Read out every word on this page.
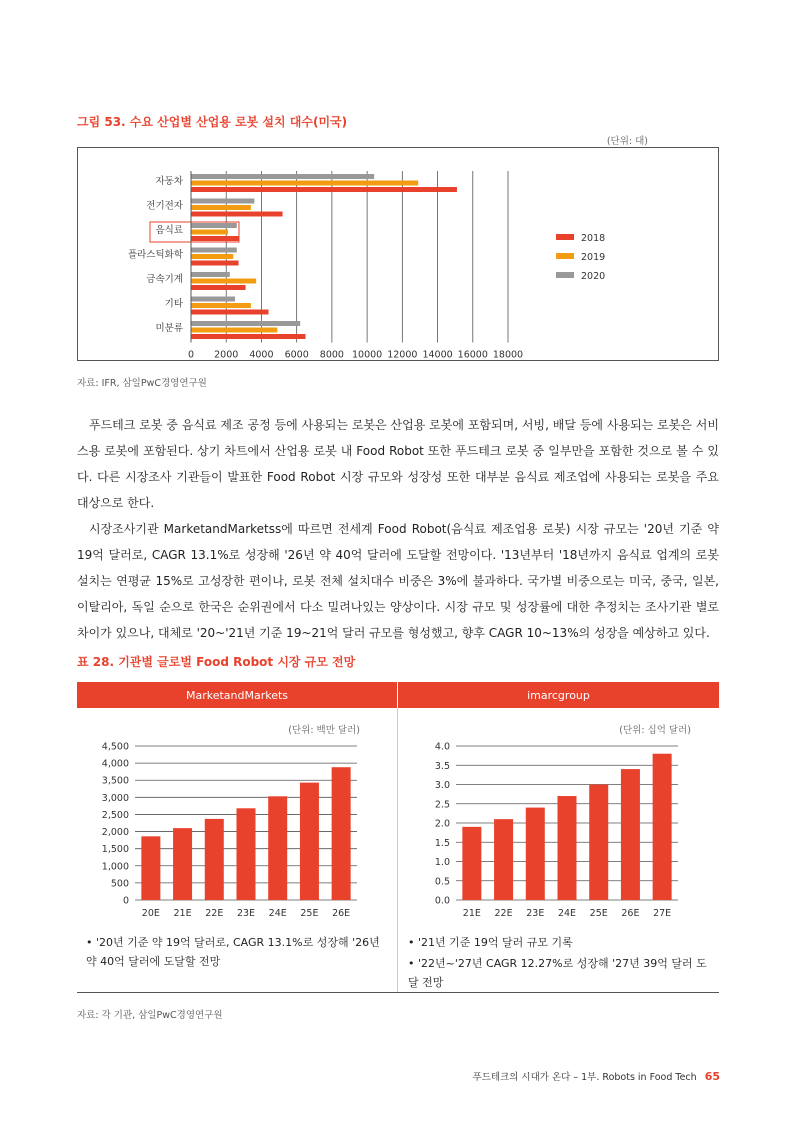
그림 53. 수요 산업별 산업용 로봇 설치 대수(미국)
(단위: 대)
0 2000 4000 6000 8000 10000 12000 14000 16000 18000
자동차
전기전자
음식료
플라스틱화학
금속기계
기타
미분류
2018
2019
2020
자료: IFR, 삼일PwC경영연구원
푸드테크 로봇 중 음식료 제조 공정 등에 사용되는 로봇은 산업용 로봇에 포함되며, 서빙, 배달 등에 사용되는 로봇은 서비스용 로봇에 포함된다. 상기 차트에서 산업용 로봇 내 Food Robot 또한 푸드테크 로봇 중 일부만을 포함한 것으로 볼 수 있다. 다른 시장조사 기관들이 발표한 Food Robot 시장 규모와 성장성 또한 대부분 음식료 제조업에 사용되는 로봇을 주요 대상으로 한다.
시장조사기관 MarketandMarketss에 따르면 전세계 Food Robot(음식료 제조업용 로봇) 시장 규모는 '20년 기준 약 19억 달러로, CAGR 13.1%로 성장해 '26년 약 40억 달러에 도달할 전망이다. '13년부터 '18년까지 음식료 업계의 로봇 설치는 연평균 15%로 고성장한 편이나, 로봇 전체 설치대수 비중은 3%에 불과하다. 국가별 비중으로는 미국, 중국, 일본, 이탈리아, 독일 순으로 한국은 순위권에서 다소 밀려나있는 양상이다. 시장 규모 및 성장률에 대한 추정치는 조사기관 별로 차이가 있으나, 대체로 '20~'21년 기준 19~21억 달러 규모를 형성했고, 향후 CAGR 10~13%의 성장을 예상하고 있다.
표 28. 기관별 글로벌 Food Robot 시장 규모 전망
MarketandMarkets	imarcgroup
(단위: 백만 달러)	(단위: 십억 달러)
0
500
1,000
1,500
2,000
2,500
3,000
3,500
4,000
4,500
20E 21E 22E 23E 24E 25E 26E
0.0
0.5
1.0
1.5
2.0
2.5
3.0
3.5
4.0
21E 22E 23E 24E 25E 26E 27E
• '20년 기준 약 19억 달러로, CAGR 13.1%로 성장해 '26년 약 40억 달러에 도달할 전망
• '21년 기준 19억 달러 규모 기록
• '22년~'27년 CAGR 12.27%로 성장해 '27년 39억 달러 도달 전망
자료: 각 기관, 삼일PwC경영연구원
푸드테크의 시대가 온다 – 1부. Robots in Food Tech 65
